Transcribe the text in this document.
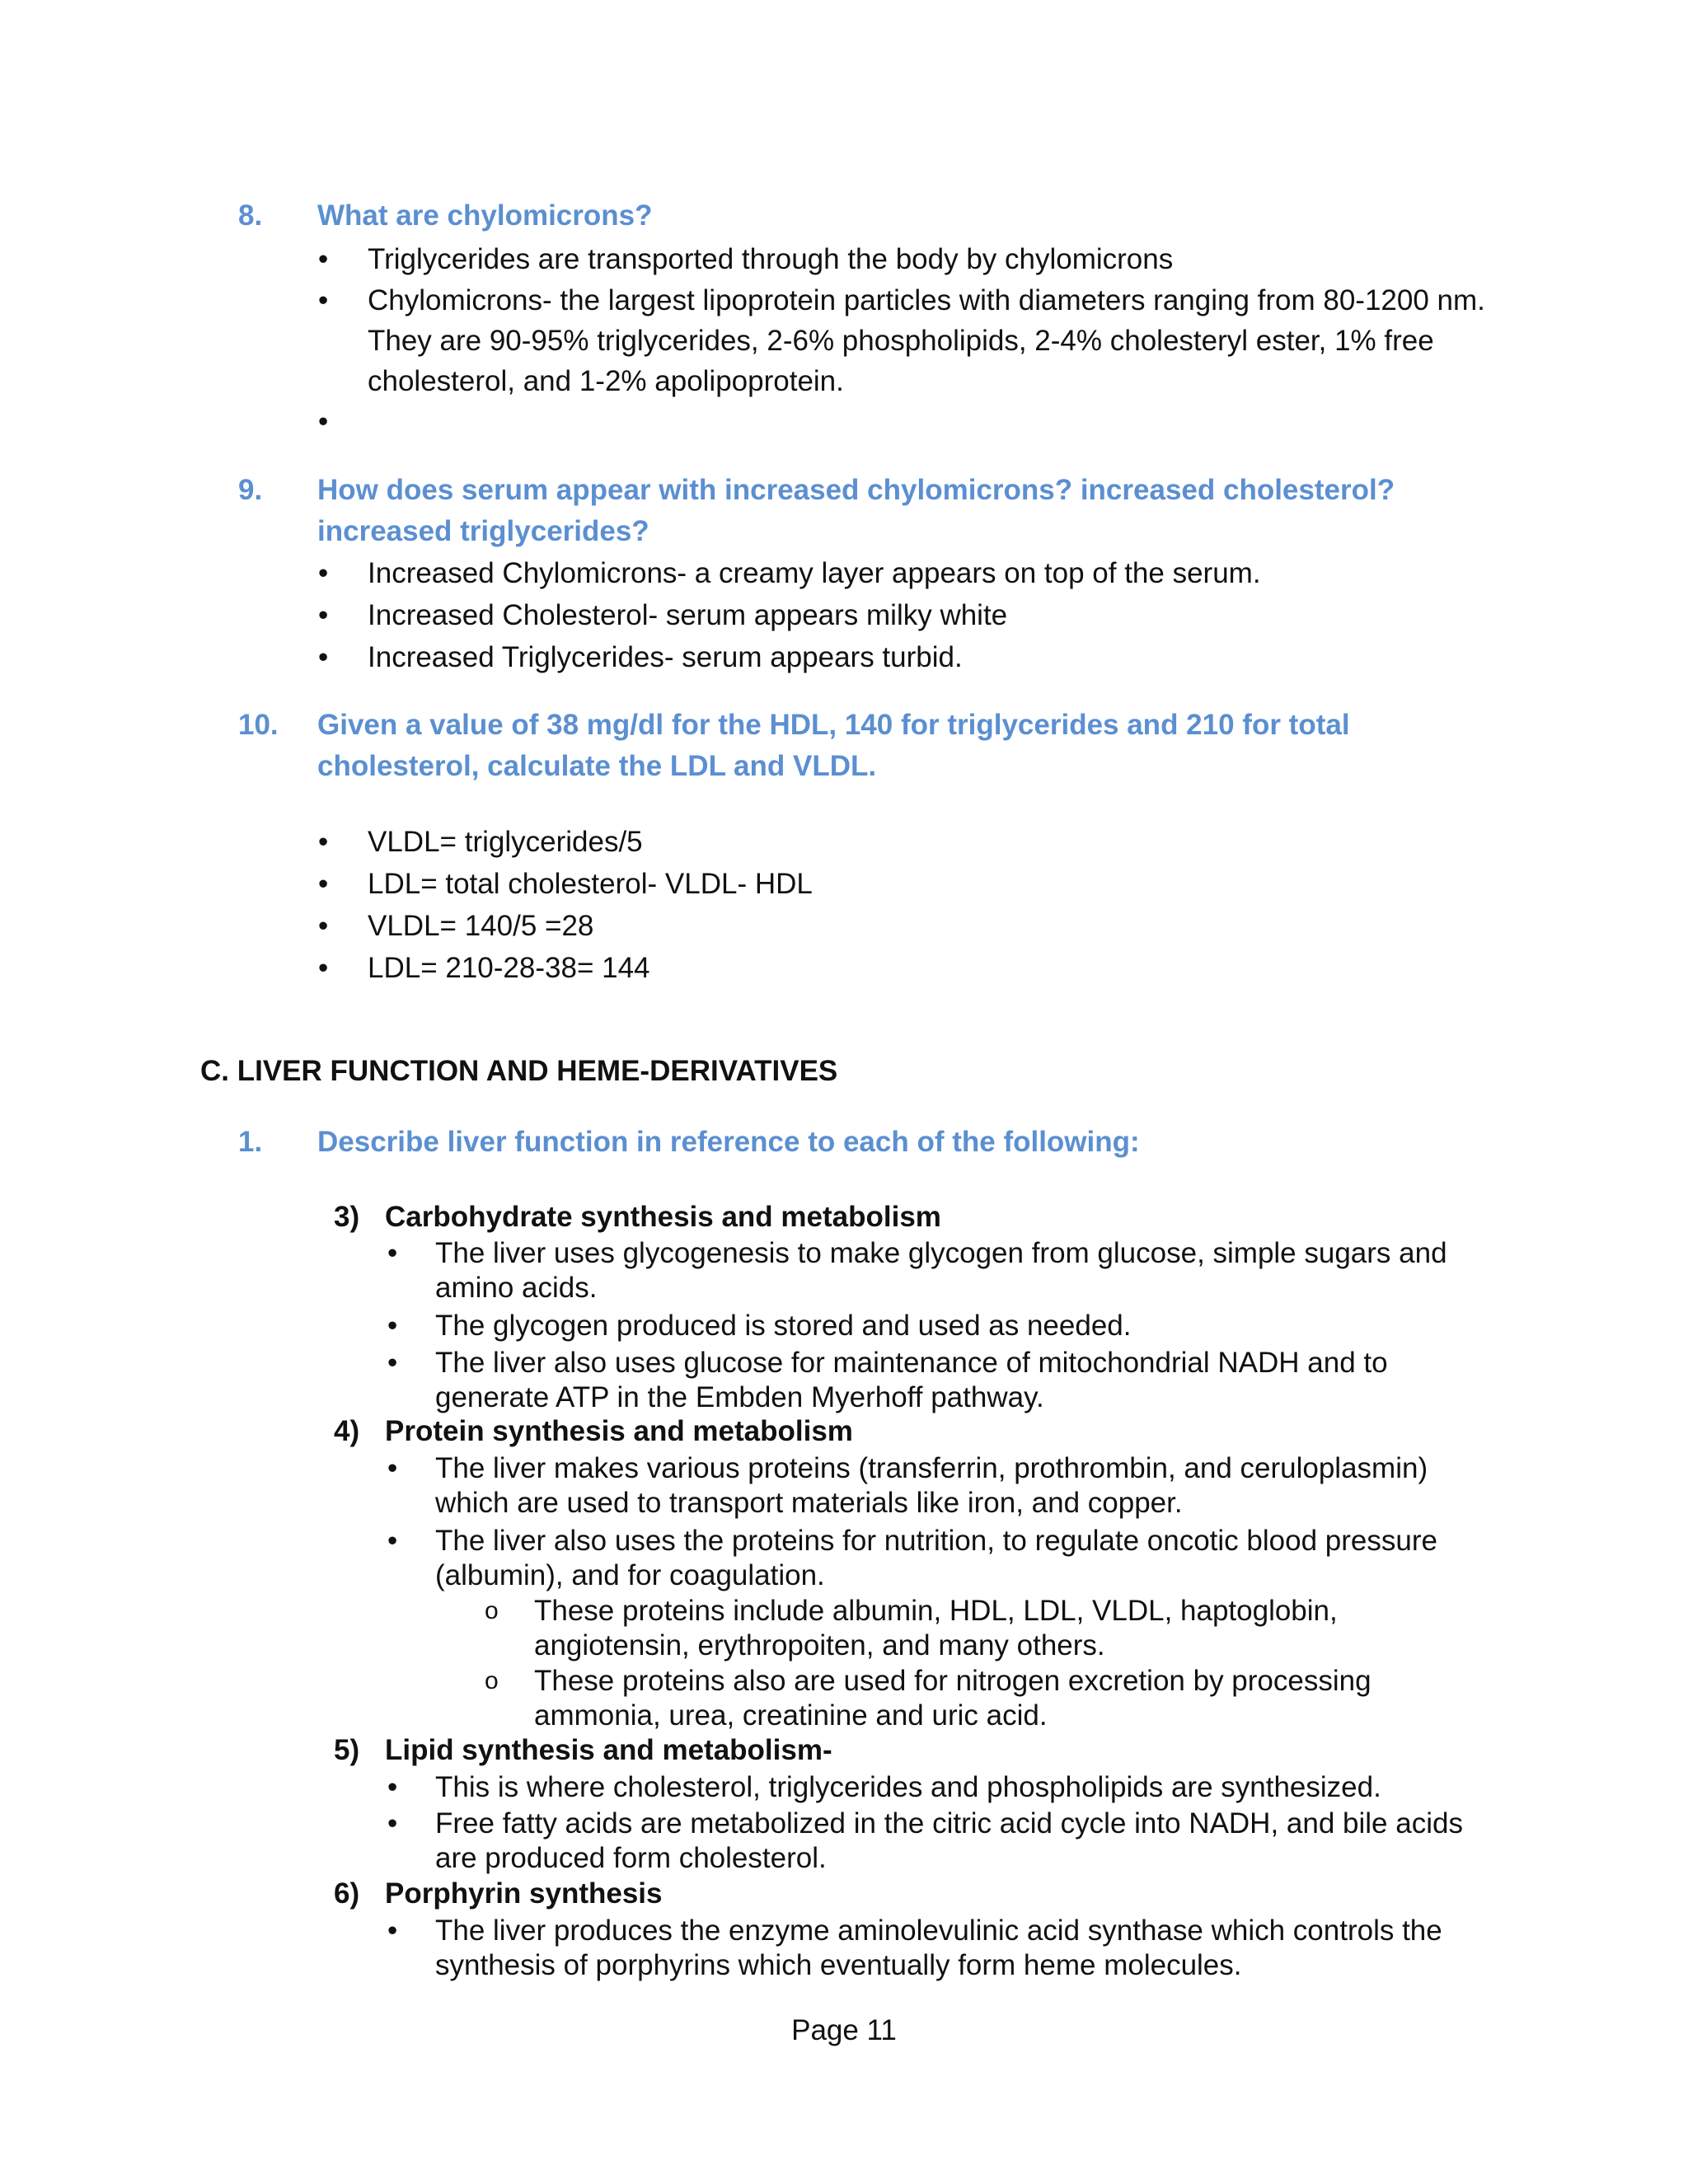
8. What are chylomicrons?
• Triglycerides are transported through the body by chylomicrons
• Chylomicrons- the largest lipoprotein particles with diameters ranging from 80-1200 nm. They are 90-95% triglycerides, 2-6% phospholipids, 2-4% cholesteryl ester, 1% free cholesterol, and 1-2% apolipoprotein.
•
9. How does serum appear with increased chylomicrons? increased cholesterol? increased triglycerides?
• Increased Chylomicrons- a creamy layer appears on top of the serum.
• Increased Cholesterol- serum appears milky white
• Increased Triglycerides- serum appears turbid.
10. Given a value of 38 mg/dl for the HDL, 140 for triglycerides and 210 for total cholesterol, calculate the LDL and VLDL.
• VLDL= triglycerides/5
• LDL= total cholesterol- VLDL- HDL
• VLDL= 140/5 =28
• LDL= 210-28-38= 144
C. LIVER FUNCTION AND HEME-DERIVATIVES
1. Describe liver function in reference to each of the following:
3) Carbohydrate synthesis and metabolism
• The liver uses glycogenesis to make glycogen from glucose, simple sugars and amino acids.
• The glycogen produced is stored and used as needed.
• The liver also uses glucose for maintenance of mitochondrial NADH and to generate ATP in the Embden Myerhoff pathway.
4) Protein synthesis and metabolism
• The liver makes various proteins (transferrin, prothrombin, and ceruloplasmin) which are used to transport materials like iron, and copper.
• The liver also uses the proteins for nutrition, to regulate oncotic blood pressure (albumin), and for coagulation.
o These proteins include albumin, HDL, LDL, VLDL, haptoglobin, angiotensin, erythropoiten, and many others.
o These proteins also are used for nitrogen excretion by processing ammonia, urea, creatinine and uric acid.
5) Lipid synthesis and metabolism-
• This is where cholesterol, triglycerides and phospholipids are synthesized.
• Free fatty acids are metabolized in the citric acid cycle into NADH, and bile acids are produced form cholesterol.
6) Porphyrin synthesis
• The liver produces the enzyme aminolevulinic acid synthase which controls the synthesis of porphyrins which eventually form heme molecules.
Page 11
